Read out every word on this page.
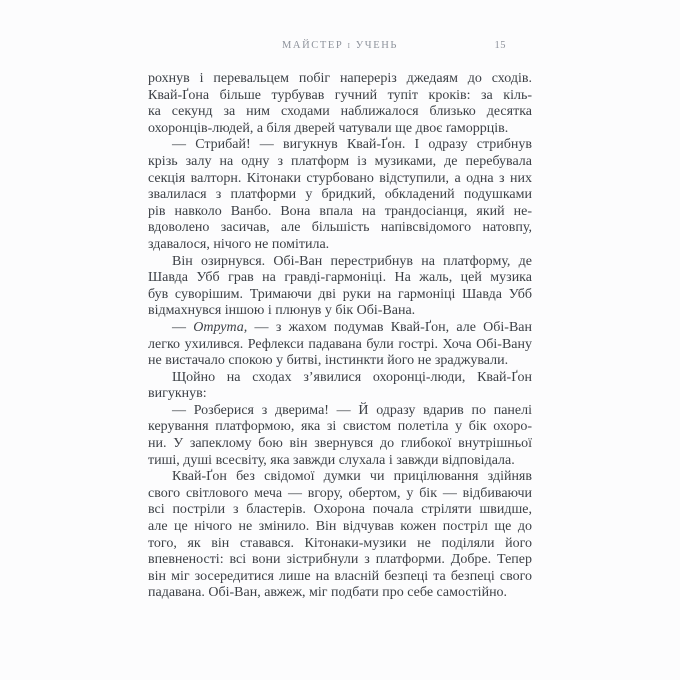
МАЙСТЕР і УЧЕНЬ	15

рохнув і перевальцем побіг напереріз джедаям до сходів.
Квай-Ґона більше турбував гучний тупіт кроків: за кіль-
ка секунд за ним сходами наближалося близько десятка
охоронців-людей, а біля дверей чатували ще двоє ґаморрців.

— Стрибай! — вигукнув Квай-Ґон. І одразу стрибнув
крізь залу на одну з платформ із музиками, де перебувала
секція валторн. Кітонаки стурбовано відступили, а одна з них
звалилася з платформи у бридкий, обкладений подушками
рів навколо Ванбо. Вона впала на трандосіанця, який не-
вдоволено засичав, але більшість напівсвідомого натовпу,
здавалося, нічого не помітила.

Він озирнувся. Обі-Ван перестрибнув на платформу, де
Шавда Убб грав на гравді-гармоніці. На жаль, цей музика
був суворішим. Тримаючи дві руки на гармоніці Шавда Убб
відмахнувся іншою і плюнув у бік Обі-Вана.

— Отрута, — з жахом подумав Квай-Ґон, але Обі-Ван
легко ухилився. Рефлекси падавана були гострі. Хоча Обі-Вану
не вистачало спокою у битві, інстинкти його не зраджували.

Щойно на сходах з’явилися охоронці-люди, Квай-Ґон
вигукнув:

— Розберися з дверима! — Й одразу вдарив по панелі
керування платформою, яка зі свистом полетіла у бік охоро-
ни. У запеклому бою він звернувся до глибокої внутрішньої
тиші, душі всесвіту, яка завжди слухала і завжди відповідала.

Квай-Ґон без свідомої думки чи прицілювання здійняв
свого світлового меча — вгору, обертом, у бік — відбиваючи
всі постріли з бластерів. Охорона почала стріляти швидше,
але це нічого не змінило. Він відчував кожен постріл ще до
того, як він ставався. Кітонаки-музики не поділяли його
впевненості: всі вони зістрибнули з платформи. Добре. Тепер
він міг зосередитися лише на власній безпеці та безпеці свого
падавана. Обі-Ван, авжеж, міг подбати про себе самостійно.
